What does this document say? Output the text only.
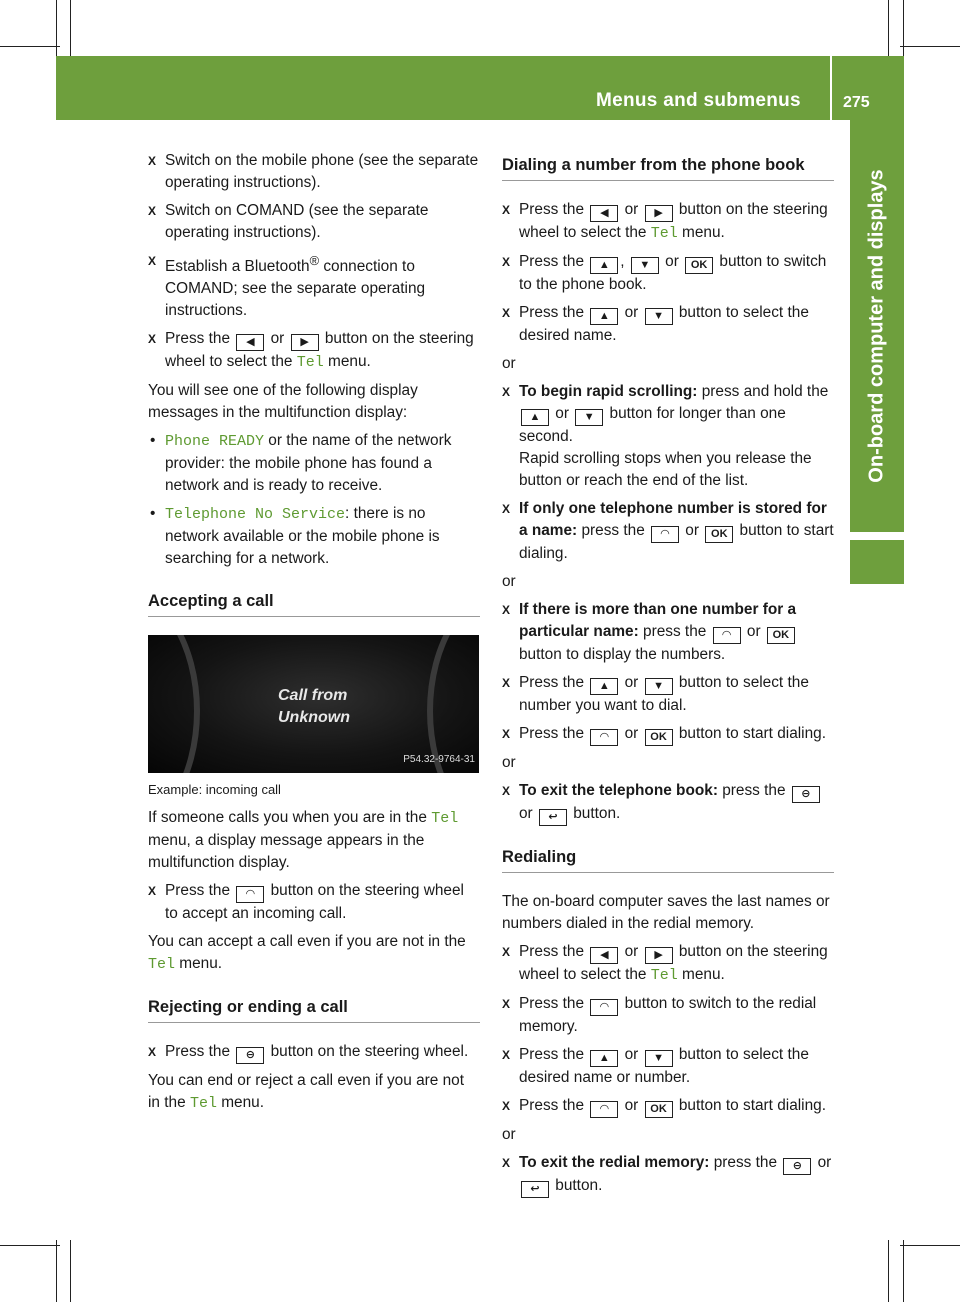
Menus and submenus	275
On-board computer and displays
X Switch on the mobile phone (see the separate operating instructions).
X Switch on COMAND (see the separate operating instructions).
X Establish a Bluetooth® connection to COMAND; see the separate operating instructions.
X Press the ◀ or ▶ button on the steering wheel to select the Tel menu.

You will see one of the following display messages in the multifunction display:

• Phone READY or the name of the network provider: the mobile phone has found a network and is ready to receive.
• Telephone No Service: there is no network available or the mobile phone is searching for a network.
Accepting a call
Call from
Unknown
P54.32-9764-31

Example: incoming call

If someone calls you when you are in the Tel menu, a display message appears in the multifunction display.

X Press the ◠ button on the steering wheel to accept an incoming call.

You can accept a call even if you are not in the Tel menu.

Rejecting or ending a call
X Press the ⊖ button on the steering wheel.

You can end or reject a call even if you are not in the Tel menu.

Dialing a number from the phone book
X Press the ◀ or ▶ button on the steering wheel to select the Tel menu.
X Press the ▲ , ▼ or OK button to switch to the phone book.
X Press the ▲ or ▼ button to select the desired name.

or

X To begin rapid scrolling: press and hold the ▲ or ▼ button for longer than one second.
Rapid scrolling stops when you release the button or reach the end of the list.
X If only one telephone number is stored for a name: press the ◠ or OK button to start dialing.

or

X If there is more than one number for a particular name: press the ◠ or OK button to display the numbers.
X Press the ▲ or ▼ button to select the number you want to dial.
X Press the ◠ or OK button to start dialing.

or

X To exit the telephone book: press the ⊖ or ↩ button.
Redialing

The on-board computer saves the last names or numbers dialed in the redial memory.

X Press the ◀ or ▶ button on the steering wheel to select the Tel menu.
X Press the ◠ button to switch to the redial memory.
X Press the ▲ or ▼ button to select the desired name or number.
X Press the ◠ or OK button to start dialing.

or

X To exit the redial memory: press the ⊖ or ↩ button.
